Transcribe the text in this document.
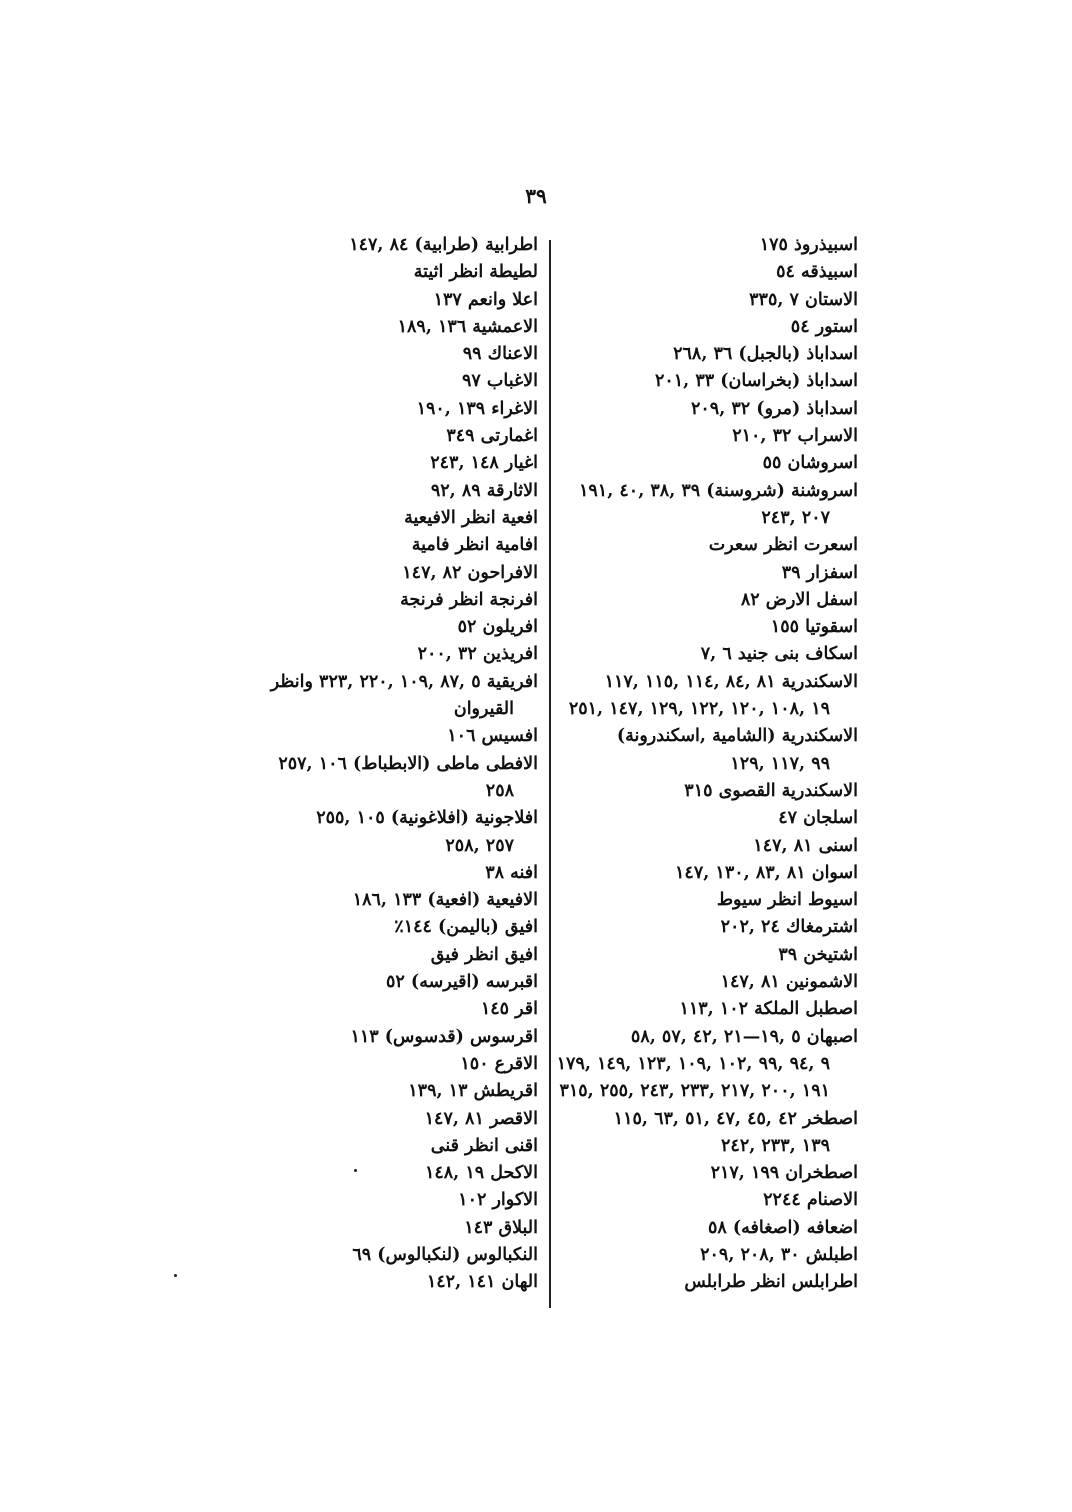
٣٩
اسبيذروذ ١٧٥
اسبيذقه ٥٤
الاستان ٧ ,٣٣٥
استور ٥٤
اسداباذ (بالجبل) ٣٦ ,٢٦٨
اسداباذ (بخراسان) ٣٣ ,٢٠١
اسداباذ (مرو) ٣٢ ,٢٠٩
الاسراب ٣٢ ,٢١٠
اسروشان ٥٥
اسروشنة (شروسنة) ٣٩ ,٣٨ ,٤٠ ,١٩١
٢٠٧ ,٢٤٣
اسعرت انظر سعرت
اسفزار ٣٩
اسفل الارض ٨٢
اسقوتيا ١٥٥
اسكاف بنى جنيد ٦ ,٧
الاسكندرية ٨١ ,٨٤ ,١١٤ ,١١٥ ,١١٧
١٩ ,١٠٨ ,١٢٠ ,١٢٢ ,١٢٩ ,١٤٧ ,٢٥١
الاسكندرية (الشامية ,اسكندرونة)
٩٩ ,١١٧ ,١٢٩
الاسكندرية القصوى ٣١٥
اسلجان ٤٧
اسنى ٨١ ,١٤٧
اسوان ٨١ ,٨٣ ,١٣٠ ,١٤٧
اسيوط انظر سيوط
اشترمغاك ٢٤ ,٢٠٢
اشتيخن ٣٩
الاشمونين ٨١ ,١٤٧
اصطبل الملكة ١٠٢ ,١١٣
اصبهان ٥ ,١٩—٢١ ,٤٢ ,٥٧ ,٥٨
٩ ,٩٤ ,٩٩ ,١٠٢ ,١٠٩ ,١٢٣ ,١٤٩ ,١٧٩
١٩١ ,٢٠٠ ,٢١٧ ,٢٣٣ ,٢٤٣ ,٢٥٥ ,٣١٥
اصطخر ٤٢ ,٤٥ ,٤٧ ,٥١ ,٦٣ ,١١٥
١٣٩ ,٢٣٣ ,٢٤٢
اصطخران ١٩٩ ,٢١٧
الاصنام ٢٢٤٤
اضعافه (اصغافه) ٥٨
اطبلش ٣٠ ,٢٠٨ ,٢٠٩
اطرابلس انظر طرابلس
اطرابية (طرابية) ٨٤ ,١٤٧
لطيطة انظر اثيتة
اعلا وانعم ١٣٧
الاعمشية ١٣٦ ,١٨٩
الاعناك ٩٩
الاغباب ٩٧
الاغراء ١٣٩ ,١٩٠
اغمارتى ٣٤٩
اغيار ١٤٨ ,٢٤٣
الاثارقة ٨٩ ,٩٢
افعية انظر الافيعية
افامية انظر فامية
الافراحون ٨٢ ,١٤٧
افرنجة انظر فرنجة
افريلون ٥٢
افريذين ٣٢ ,٢٠٠
افريقية ٥ ,٨٧ ,١٠٩ ,٢٢٠ ,٣٢٣ وانظر
القيروان
افسيس ١٠٦
الافطى ماطى (الابطباط) ١٠٦ ,٢٥٧
٢٥٨
افلاجونية (افلاغونية) ١٠٥ ,٢٥٥
٢٥٧ ,٢٥٨
افنه ٣٨
الافيعية (افعية) ١٣٣ ,١٨٦
افيق (باليمن) ١٤٤٪
افيق انظر فيق
اقبرسه (اقيرسه) ٥٢
اقر ١٤٥
اقرسوس (قدسوس) ١١٣
الاقرع ١٥٠
اقريطش ١٣ ,١٣٩
الاقصر ٨١ ,١٤٧
اقنى انظر قنى
الاكحل ١٩ ,١٤٨
الاكوار ١٠٢
البلاق ١٤٣
النكبالوس (لنكبالوس) ٦٩
الهان ١٤١ ,١٤٢
